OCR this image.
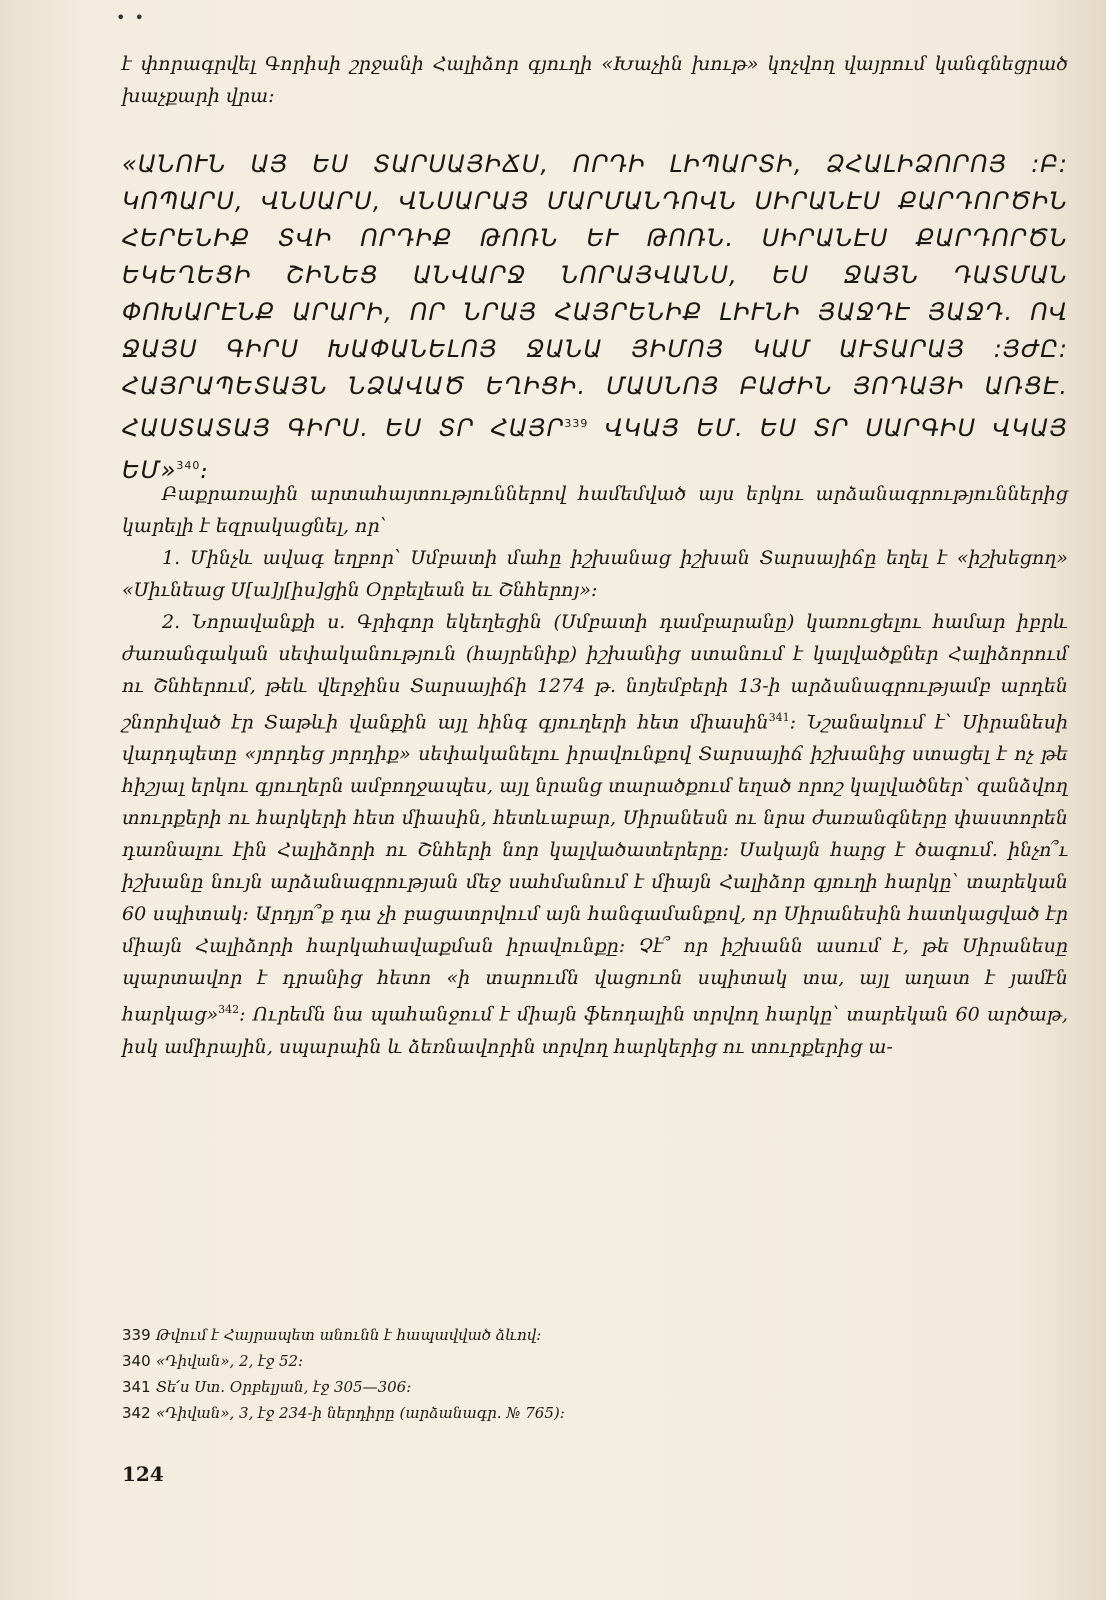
• •

է փորագրվել Գորիսի շրջանի Հալիձոր գյուղի «Խաչին խութ» կոչվող վայրում կանգնեցրած խաչքարի վրա։

«ԱՆՈՒՆ ԱՅ ԵՍ ՏԱՐՍԱՅԻՃՍ, ՈՐԴԻ ԼԻՊԱՐՏԻ, ՁՀԱԼԻՁՈՐՈՅ :Բ: ԿՈՊԱՐՍ, ՎՆՍԱՐՍ, ՎՆՍԱՐԱՅ ՄԱՐՄԱՆԴՈՎՆ ՍԻՐԱՆԷՍ ՔԱՐԴՈՐԾԻՆ ՀԵՐԵՆԻՔ ՏՎԻ ՈՐԴԻՔ ԹՈՌՆ ԵՒ ԹՈՌՆ. ՍԻՐԱՆԷՍ ՔԱՐԴՈՐԾՆ ԵԿԵՂԵՑԻ ՇԻՆԵՑ ԱՆՎԱՐՋ ՆՈՐԱՅՎԱՆՍ, ԵՍ ՋԱՅՆ ԴԱՏՄԱՆ ՓՈԽԱՐԷՆՔ ԱՐԱՐԻ, ՈՐ ՆՐԱՅ ՀԱՅՐԵՆԻՔ ԼԻՒՆԻ ՅԱՋԴԷ ՅԱՋԴ. ՈՎ ՋԱՅՍ ԳԻՐՍ ԽԱՓԱՆԵԼՈՅ ՋԱՆԱ ՅԻՄՈՅ ԿԱՄ ԱՒՏԱՐԱՅ :ՅԺԸ: ՀԱՅՐԱՊԵՏԱՅՆ ՆՁԱՎԱԾ ԵՂԻՑԻ. ՄԱՍՆՈՅ ԲԱԺԻՆ ՅՈԴԱՅԻ ԱՌՑԷ. ՀԱՍՏԱՏԱՅ ԳԻՐՍ. ԵՍ ՏՐ ՀԱՅՐ$^{339}$ ՎԿԱՅ ԵՄ. ԵՍ ՏՐ ՍԱՐԳԻՍ ՎԿԱՅ ԵՄ»$^{340}$։

Բաքրառային արտահայտություններով համեմված այս երկու արձանագրություններից կարելի է եզրակացնել, որ՝
1. Մինչև ավագ եղբոր՝ Սմբատի մահը իշխանաց իշխան Տարսայիճը եղել է «իշխեցող» «Սիւնեաց Ս[ա]յ[իս]ցին Օրբելեան եւ Շնհերոյ»։
2. Նորավանքի ս. Գրիգոր եկեղեցին (Սմբատի դամբարանը) կառուցելու համար իբրև ժառանգական սեփականություն (հայրենիք) իշխանից ստանում է կալվածքներ Հալիձորում ու Շնհերում, թեև վերջինս Տարսայիճի 1274 թ. նոյեմբերի 13-ի արձանագրությամբ արդեն շնորհված էր Տաթևի վանքին այլ հինգ գյուղերի հետ միասին$^{341}$։ Նշանակում է՝ Սիրանեսի վարդպետը «յորդեց յորդիք» սեփականելու իրավունքով Տարսայիճ իշխանից ստացել է ոչ թե հիշյալ երկու գյուղերն ամբողջապես, այլ նրանց տարածքում եղած որոշ կալվածներ՝ զանձվող տուրքերի ու հարկերի հետ միասին, հետևաբար, Սիրանեսն ու նրա ժառանգները փաստորեն դառնալու էին Հալիձորի ու Շնհերի նոր կալվածատերերը։ Սակայն հարց է ծագում. ինչո՞ւ իշխանը նույն արձանագրության մեջ սահմանում է միայն Հալիձոր գյուղի հարկը՝ տարեկան 60 սպիտակ։ Արդյո՞ք դա չի բացատրվում այն հանգամանքով, որ Սիրանեսին հատկացված էր միայն Հալիձորի հարկահավաքման իրավունքը։ Չէ՞ որ իշխանն ասում է, թե Սիրանեսը պարտավոր է դրանից հետո «ի տարումն վացուոն սպիտակ տա, այլ աղատ է յամէն հարկաց»$^{342}$։ Ուրեմն նա պահանջում է միայն ֆեոդալին տրվող հարկը՝ տարեկան 60 արծաթ, իսկ ամիրային, սպարաին և ձեռնավորին տրվող հարկերից ու տուրքերից ա-
339 Թվում է Հայրապետ անունն է հապավված ձևով։
340 «Դիվան», 2, էջ 52։
341 Տե՛ս Ստ. Օրբելյան, էջ 305—306։
342 «Դիվան», 3, էջ 234-ի ներդիրը (արձանագր. № 765)։
124
